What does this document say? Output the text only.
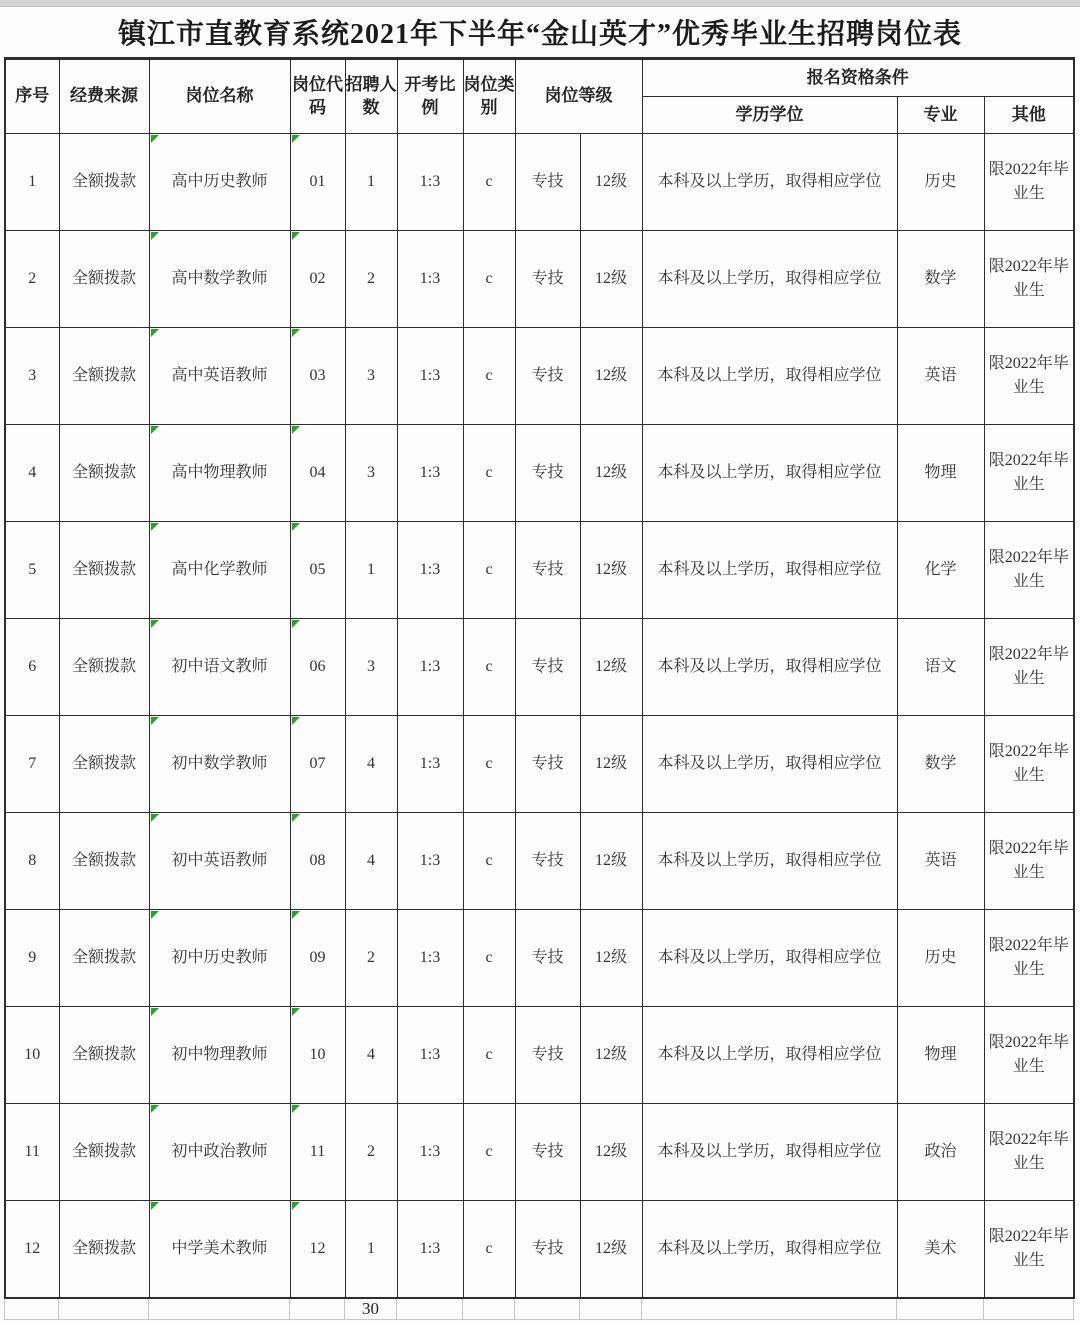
镇江市直教育系统2021年下半年“金山英才”优秀毕业生招聘岗位表
序号	经费来源	岗位名称	岗位代码	招聘人数	开考比例	岗位类别	岗位等级		报名资格条件		
									学历学位	专业	其他
1	全额拨款	高中历史教师	01	1	1:3	c	专技	12级	本科及以上学历，取得相应学位	历史	限2022年毕业生
2	全额拨款	高中数学教师	02	2	1:3	c	专技	12级	本科及以上学历，取得相应学位	数学	限2022年毕业生
3	全额拨款	高中英语教师	03	3	1:3	c	专技	12级	本科及以上学历，取得相应学位	英语	限2022年毕业生
4	全额拨款	高中物理教师	04	3	1:3	c	专技	12级	本科及以上学历，取得相应学位	物理	限2022年毕业生
5	全额拨款	高中化学教师	05	1	1:3	c	专技	12级	本科及以上学历，取得相应学位	化学	限2022年毕业生
6	全额拨款	初中语文教师	06	3	1:3	c	专技	12级	本科及以上学历，取得相应学位	语文	限2022年毕业生
7	全额拨款	初中数学教师	07	4	1:3	c	专技	12级	本科及以上学历，取得相应学位	数学	限2022年毕业生
8	全额拨款	初中英语教师	08	4	1:3	c	专技	12级	本科及以上学历，取得相应学位	英语	限2022年毕业生
9	全额拨款	初中历史教师	09	2	1:3	c	专技	12级	本科及以上学历，取得相应学位	历史	限2022年毕业生
10	全额拨款	初中物理教师	10	4	1:3	c	专技	12级	本科及以上学历，取得相应学位	物理	限2022年毕业生
11	全额拨款	初中政治教师	11	2	1:3	c	专技	12级	本科及以上学历，取得相应学位	政治	限2022年毕业生
12	全额拨款	中学美术教师	12	1	1:3	c	专技	12级	本科及以上学历，取得相应学位	美术	限2022年毕业生
				30							
